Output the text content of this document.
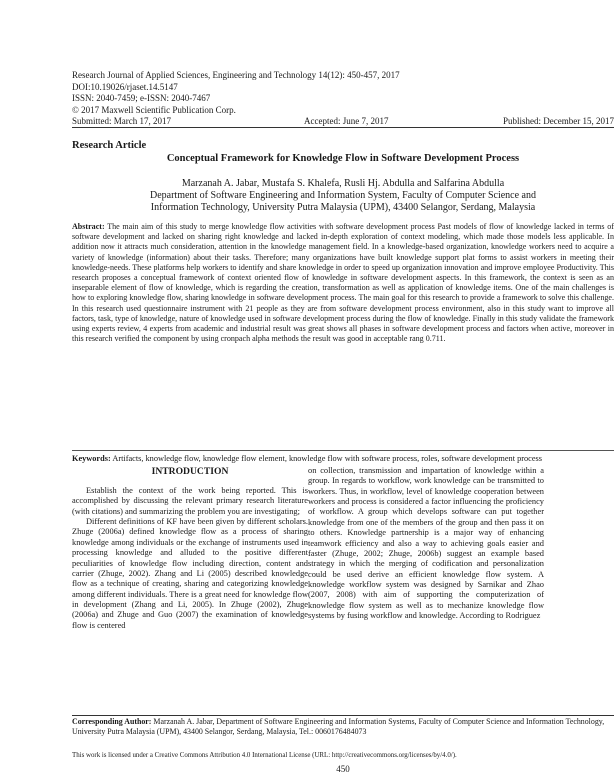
Research Journal of Applied Sciences, Engineering and Technology 14(12): 450-457, 2017
DOI:10.19026/rjaset.14.5147
ISSN: 2040-7459; e-ISSN: 2040-7467
© 2017 Maxwell Scientific Publication Corp.
Submitted: March 17, 2017	Accepted: June 7, 2017	Published: December 15, 2017
Research Article
Conceptual Framework for Knowledge Flow in Software Development Process
Marzanah A. Jabar, Mustafa S. Khalefa, Rusli Hj. Abdulla and Salfarina Abdulla
Department of Software Engineering and Information System, Faculty of Computer Science and
Information Technology, University Putra Malaysia (UPM), 43400 Selangor, Serdang, Malaysia
Abstract: The main aim of this study to merge knowledge flow activities with software development process Past models of flow of knowledge lacked in terms of software development and lacked on sharing right knowledge and lacked in-depth exploration of context modeling, which made those models less applicable. In addition now it attracts much consideration, attention in the knowledge management field. In a knowledge-based organization, knowledge workers need to acquire a variety of knowledge (information) about their tasks. Therefore; many organizations have built knowledge support plat forms to assist workers in meeting their knowledge-needs. These platforms help workers to identify and share knowledge in order to speed up organization innovation and improve employee Productivity. This research proposes a conceptual framework of context oriented flow of knowledge in software development aspects. In this framework, the context is seen as an inseparable element of flow of knowledge, which is regarding the creation, transformation as well as application of knowledge items. One of the main challenges is how to exploring knowledge flow, sharing knowledge in software development process. The main goal for this research to provide a framework to solve this challenge. In this research used questionnaire instrument with 21 people as they are from software development process environment, also in this study want to improve all factors, task, type of knowledge, nature of knowledge used in software development process during the flow of knowledge. Finally in this study validate the framework using experts review, 4 experts from academic and industrial result was great shows all phases in software development process and factors when active, moreover in this research verified the component by using cronpach alpha methods the result was good in acceptable rang 0.711.
Keywords: Artifacts, knowledge flow, knowledge flow element, knowledge flow with software process, roles, software development process
INTRODUCTION

Establish the context of the work being reported. This is accomplished by discussing the relevant primary research literature (with citations) and summarizing the problem you are investigating;

Different definitions of KF have been given by different scholars. Zhuge (2006a) defined knowledge flow as a process of sharing knowledge among individuals or the exchange of instruments used in processing knowledge and alluded to the positive different peculiarities of knowledge flow including direction, content and carrier (Zhuge, 2002). Zhang and Li (2005) described knowledge flow as a technique of creating, sharing and categorizing knowledge among different individuals. There is a great need for knowledge flow in development (Zhang and Li, 2005). In Zhuge (2002), Zhuge (2006a) and Zhuge and Guo (2007) the examination of knowledge flow is centered

on collection, transmission and impartation of knowledge within a group. In regards to workflow, work knowledge can be transmitted to workers. Thus, in workflow, level of knowledge cooperation between workers and process is considered a factor influencing the proficiency of workflow. A group which develops software can put together knowledge from one of the members of the group and then pass it on to others. Knowledge partnership is a major way of enhancing teamwork efficiency and also a way to achieving goals easier and faster (Zhuge, 2002; Zhuge, 2006b) suggest an example based strategy in which the merging of codification and personalization could be used derive an efficient knowledge flow system. A knowledge workflow system was designed by Sarnikar and Zhao (2007, 2008) with aim of supporting the computerization of knowledge flow system as well as to mechanize knowledge flow systems by fusing workflow and knowledge. According to Rodriguez

Corresponding Author: Marzanah A. Jabar, Department of Software Engineering and Information Systems, Faculty of Computer Science and Information Technology, University Putra Malaysia (UPM), 43400 Selangor, Serdang, Malaysia, Tel.: 0060176484073
This work is licensed under a Creative Commons Attribution 4.0 International License (URL: http://creativecommons.org/licenses/by/4.0/).
450
